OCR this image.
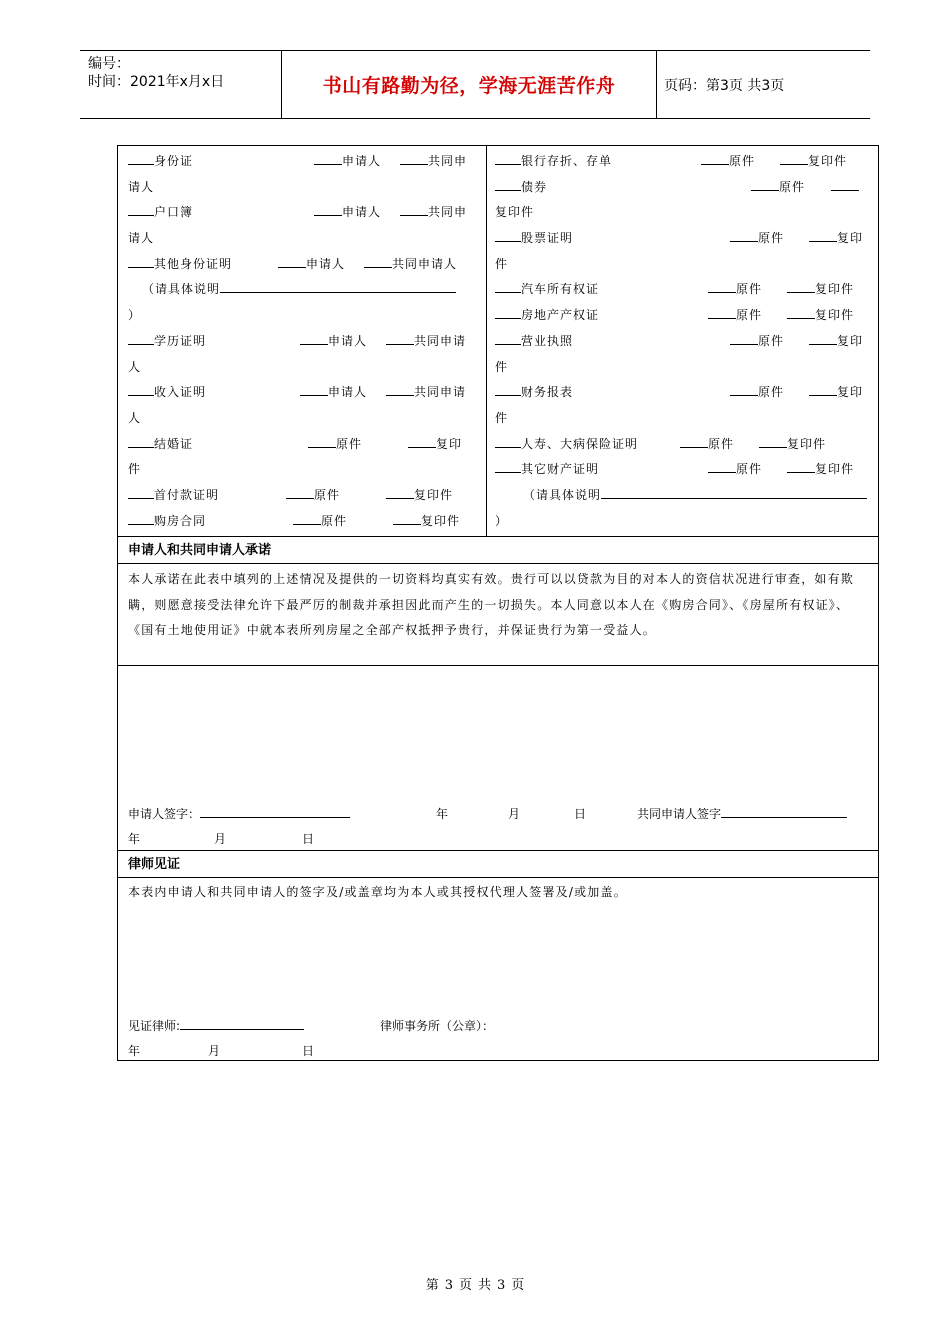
编号：
时间：2021年x月x日	书山有路勤为径，学海无涯苦作舟	页码：第3页 共3页
身份证	申请人	共同申
请人
户口簿	申请人	共同申
请人
其他身份证明	申请人	共同申请人
（请具体说明
）
学历证明	申请人	共同申请
人
收入证明	申请人	共同申请
人
结婚证	原件	复印
件
首付款证明	原件	复印件
购房合同	原件	复印件
银行存折、存单	原件	复印件
债券	原件
复印件
股票证明	原件	复印
件
汽车所有权证	原件	复印件
房地产产权证	原件	复印件
营业执照	原件	复印
件
财务报表	原件	复印
件
人寿、大病保险证明	原件	复印件
其它财产证明	原件	复印件
（请具体说明
）
申请人和共同申请人承诺
本人承诺在此表中填列的上述情况及提供的一切资料均真实有效。贵行可以以贷款为目的对本人的资信状况进行审查，如有欺瞒，则愿意接受法律允许下最严厉的制裁并承担因此而产生的一切损失。本人同意以本人在《购房合同》、《房屋所有权证》、《国有土地使用证》中就本表所列房屋之全部产权抵押予贵行，并保证贵行为第一受益人。
申请人签字：	年	月	日	共同申请人签字
年	月	日
律师见证
本表内申请人和共同申请人的签字及/或盖章均为本人或其授权代理人签署及/或加盖。
见证律师:	律师事务所（公章）：
年	月	日
第 3 页 共 3 页
